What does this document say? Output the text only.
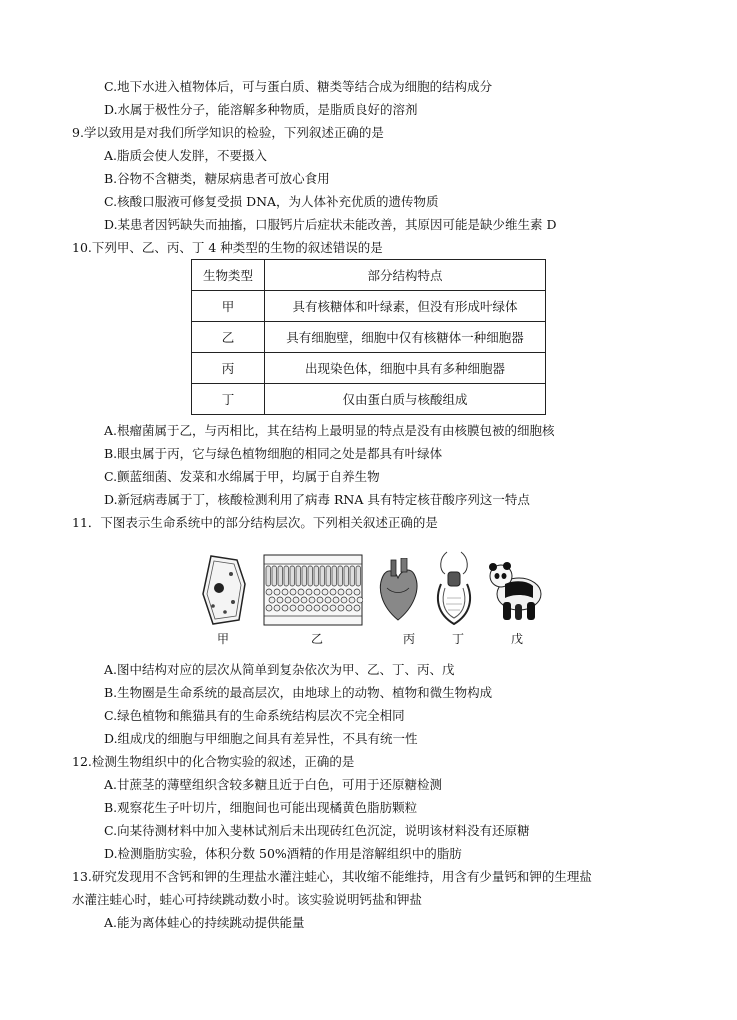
C.地下水进入植物体后，可与蛋白质、糖类等结合成为细胞的结构成分
D.水属于极性分子，能溶解多种物质，是脂质良好的溶剂
9.学以致用是对我们所学知识的检验，下列叙述正确的是
A.脂质会使人发胖，不要摄入
B.谷物不含糖类，糖尿病患者可放心食用
C.核酸口服液可修复受损 DNA，为人体补充优质的遗传物质
D.某患者因钙缺失而抽搐，口服钙片后症状未能改善，其原因可能是缺少维生素 D
10.下列甲、乙、丙、丁 4 种类型的生物的叙述错误的是
生物类型	部分结构特点
甲	具有核糖体和叶绿素，但没有形成叶绿体
乙	具有细胞壁，细胞中仅有核糖体一种细胞器
丙	出现染色体，细胞中具有多种细胞器
丁	仅由蛋白质与核酸组成
A.根瘤菌属于乙，与丙相比，其在结构上最明显的特点是没有由核膜包被的细胞核
B.眼虫属于丙，它与绿色植物细胞的相同之处是都具有叶绿体
C.颤蓝细菌、发菜和水绵属于甲，均属于自养生物
D.新冠病毒属于丁，核酸检测利用了病毒 RNA 具有特定核苷酸序列这一特点
11．下图表示生命系统中的部分结构层次。下列相关叙述正确的是
甲	乙	丙	丁	戊
A.图中结构对应的层次从简单到复杂依次为甲、乙、丁、丙、戊
B.生物圈是生命系统的最高层次，由地球上的动物、植物和微生物构成
C.绿色植物和熊猫具有的生命系统结构层次不完全相同
D.组成戊的细胞与甲细胞之间具有差异性，不具有统一性
12.检测生物组织中的化合物实验的叙述，正确的是
A.甘蔗茎的薄壁组织含较多糖且近于白色，可用于还原糖检测
B.观察花生子叶切片，细胞间也可能出现橘黄色脂肪颗粒
C.向某待测材料中加入斐林试剂后未出现砖红色沉淀，说明该材料没有还原糖
D.检测脂肪实验，体积分数 50%酒精的作用是溶解组织中的脂肪
13.研究发现用不含钙和钾的生理盐水灌注蛙心，其收缩不能维持，用含有少量钙和钾的生理盐
水灌注蛙心时，蛙心可持续跳动数小时。该实验说明钙盐和钾盐
A.能为离体蛙心的持续跳动提供能量
